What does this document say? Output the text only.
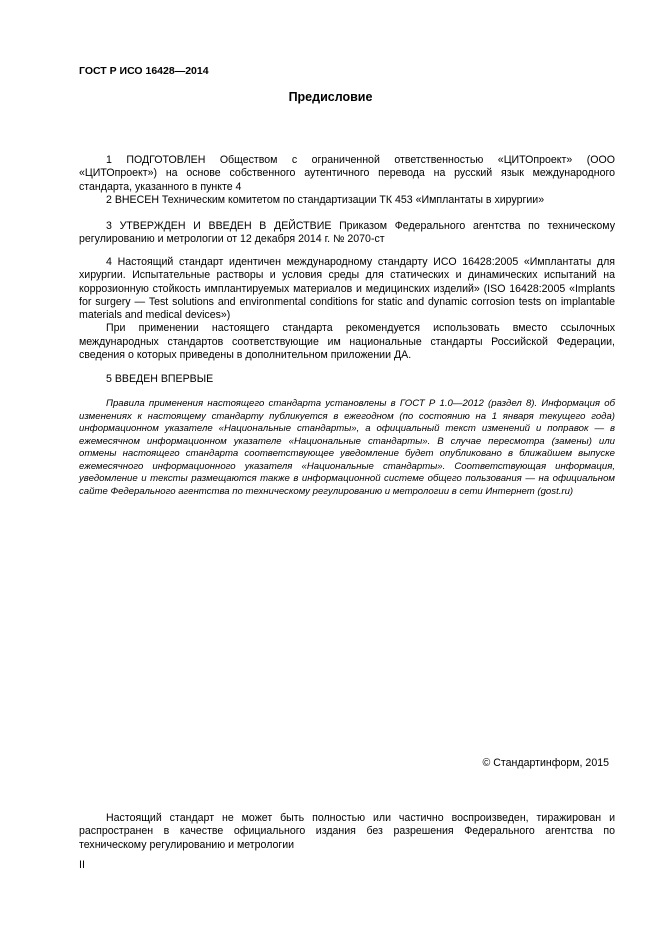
ГОСТ Р ИСО 16428—2014
Предисловие

1 ПОДГОТОВЛЕН Обществом с ограниченной ответственностью «ЦИТОпроект» (ООО «ЦИТОпроект») на основе собственного аутентичного перевода на русский язык международного стандарта, указанного в пункте 4

2 ВНЕСЕН Техническим комитетом по стандартизации ТК 453 «Имплантаты в хирургии»

3 УТВЕРЖДЕН И ВВЕДЕН В ДЕЙСТВИЕ Приказом Федерального агентства по техническому регулированию и метрологии от 12 декабря 2014 г. № 2070-ст

4 Настоящий стандарт идентичен международному стандарту ИСО 16428:2005 «Имплантаты для хирургии. Испытательные растворы и условия среды для статических и динамических испытаний на коррозионную стойкость имплантируемых материалов и медицинских изделий» (ISO 16428:2005 «Implants for surgery — Test solutions and environmental conditions for static and dynamic corrosion tests on implantable materials and medical devices»)

При применении настоящего стандарта рекомендуется использовать вместо ссылочных международных стандартов соответствующие им национальные стандарты Российской Федерации, сведения о которых приведены в дополнительном приложении ДА.

5 ВВЕДЕН ВПЕРВЫЕ

Правила применения настоящего стандарта установлены в ГОСТ Р 1.0—2012 (раздел 8). Информация об изменениях к настоящему стандарту публикуется в ежегодном (по состоянию на 1 января текущего года) информационном указателе «Национальные стандарты», а официальный текст изменений и поправок — в ежемесячном информационном указателе «Национальные стандарты». В случае пересмотра (замены) или отмены настоящего стандарта соответствующее уведомление будет опубликовано в ближайшем выпуске ежемесячного информационного указателя «Национальные стандарты». Соответствующая информация, уведомление и тексты размещаются также в информационной системе общего пользования — на официальном сайте Федерального агентства по техническому регулированию и метрологии в сети Интернет (gost.ru)

© Стандартинформ, 2015

Настоящий стандарт не может быть полностью или частично воспроизведен, тиражирован и распространен в качестве официального издания без разрешения Федерального агентства по техническому регулированию и метрологии

II
